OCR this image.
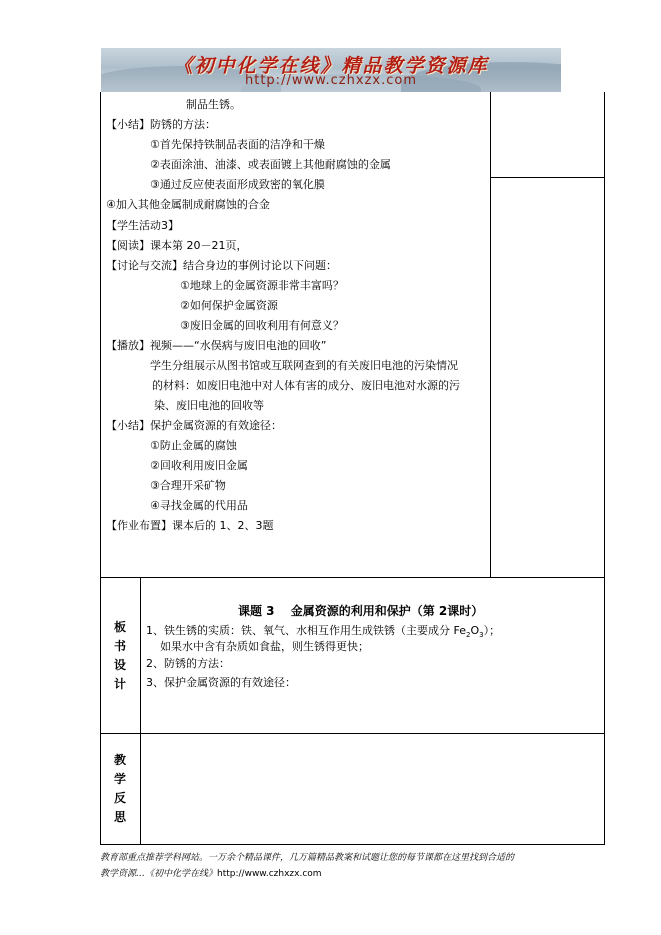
《初中化学在线》精品教学资源库
http://www.czhxzx.com
制品生锈。
【小结】防锈的方法：
①首先保持铁制品表面的洁净和干燥
②表面涂油、油漆、或表面镀上其他耐腐蚀的金属
③通过反应使表面形成致密的氧化膜
④加入其他金属制成耐腐蚀的合金
【学生活动3】
【阅读】课本第 20－21页，
【讨论与交流】结合身边的事例讨论以下问题：
①地球上的金属资源非常丰富吗？
②如何保护金属资源
③废旧金属的回收利用有何意义？
【播放】视频——“水俣病与废旧电池的回收”
学生分组展示从图书馆或互联网查到的有关废旧电池的污染情况
的材料：如废旧电池中对人体有害的成分、废旧电池对水源的污
染、废旧电池的回收等
【小结】保护金属资源的有效途径：
①防止金属的腐蚀
②回收利用废旧金属
③合理开采矿物
④寻找金属的代用品
【作业布置】课本后的 1、2、3题
板
书
设
计
课题 3　 金属资源的利用和保护（第 2课时）
1、铁生锈的实质：铁、氧气、水相互作用生成铁锈（主要成分 $Fe_2O_3$）；
如果水中含有杂质如食盐，则生锈得更快；
2、防锈的方法：
3、保护金属资源的有效途径：
教
学
反
思
教育部重点推荐学科网站。一万余个精品课件，几万篇精品教案和试题让您的每节课都在这里找到合适的
教学资源…《初中化学在线》http://www.czhxzx.com
